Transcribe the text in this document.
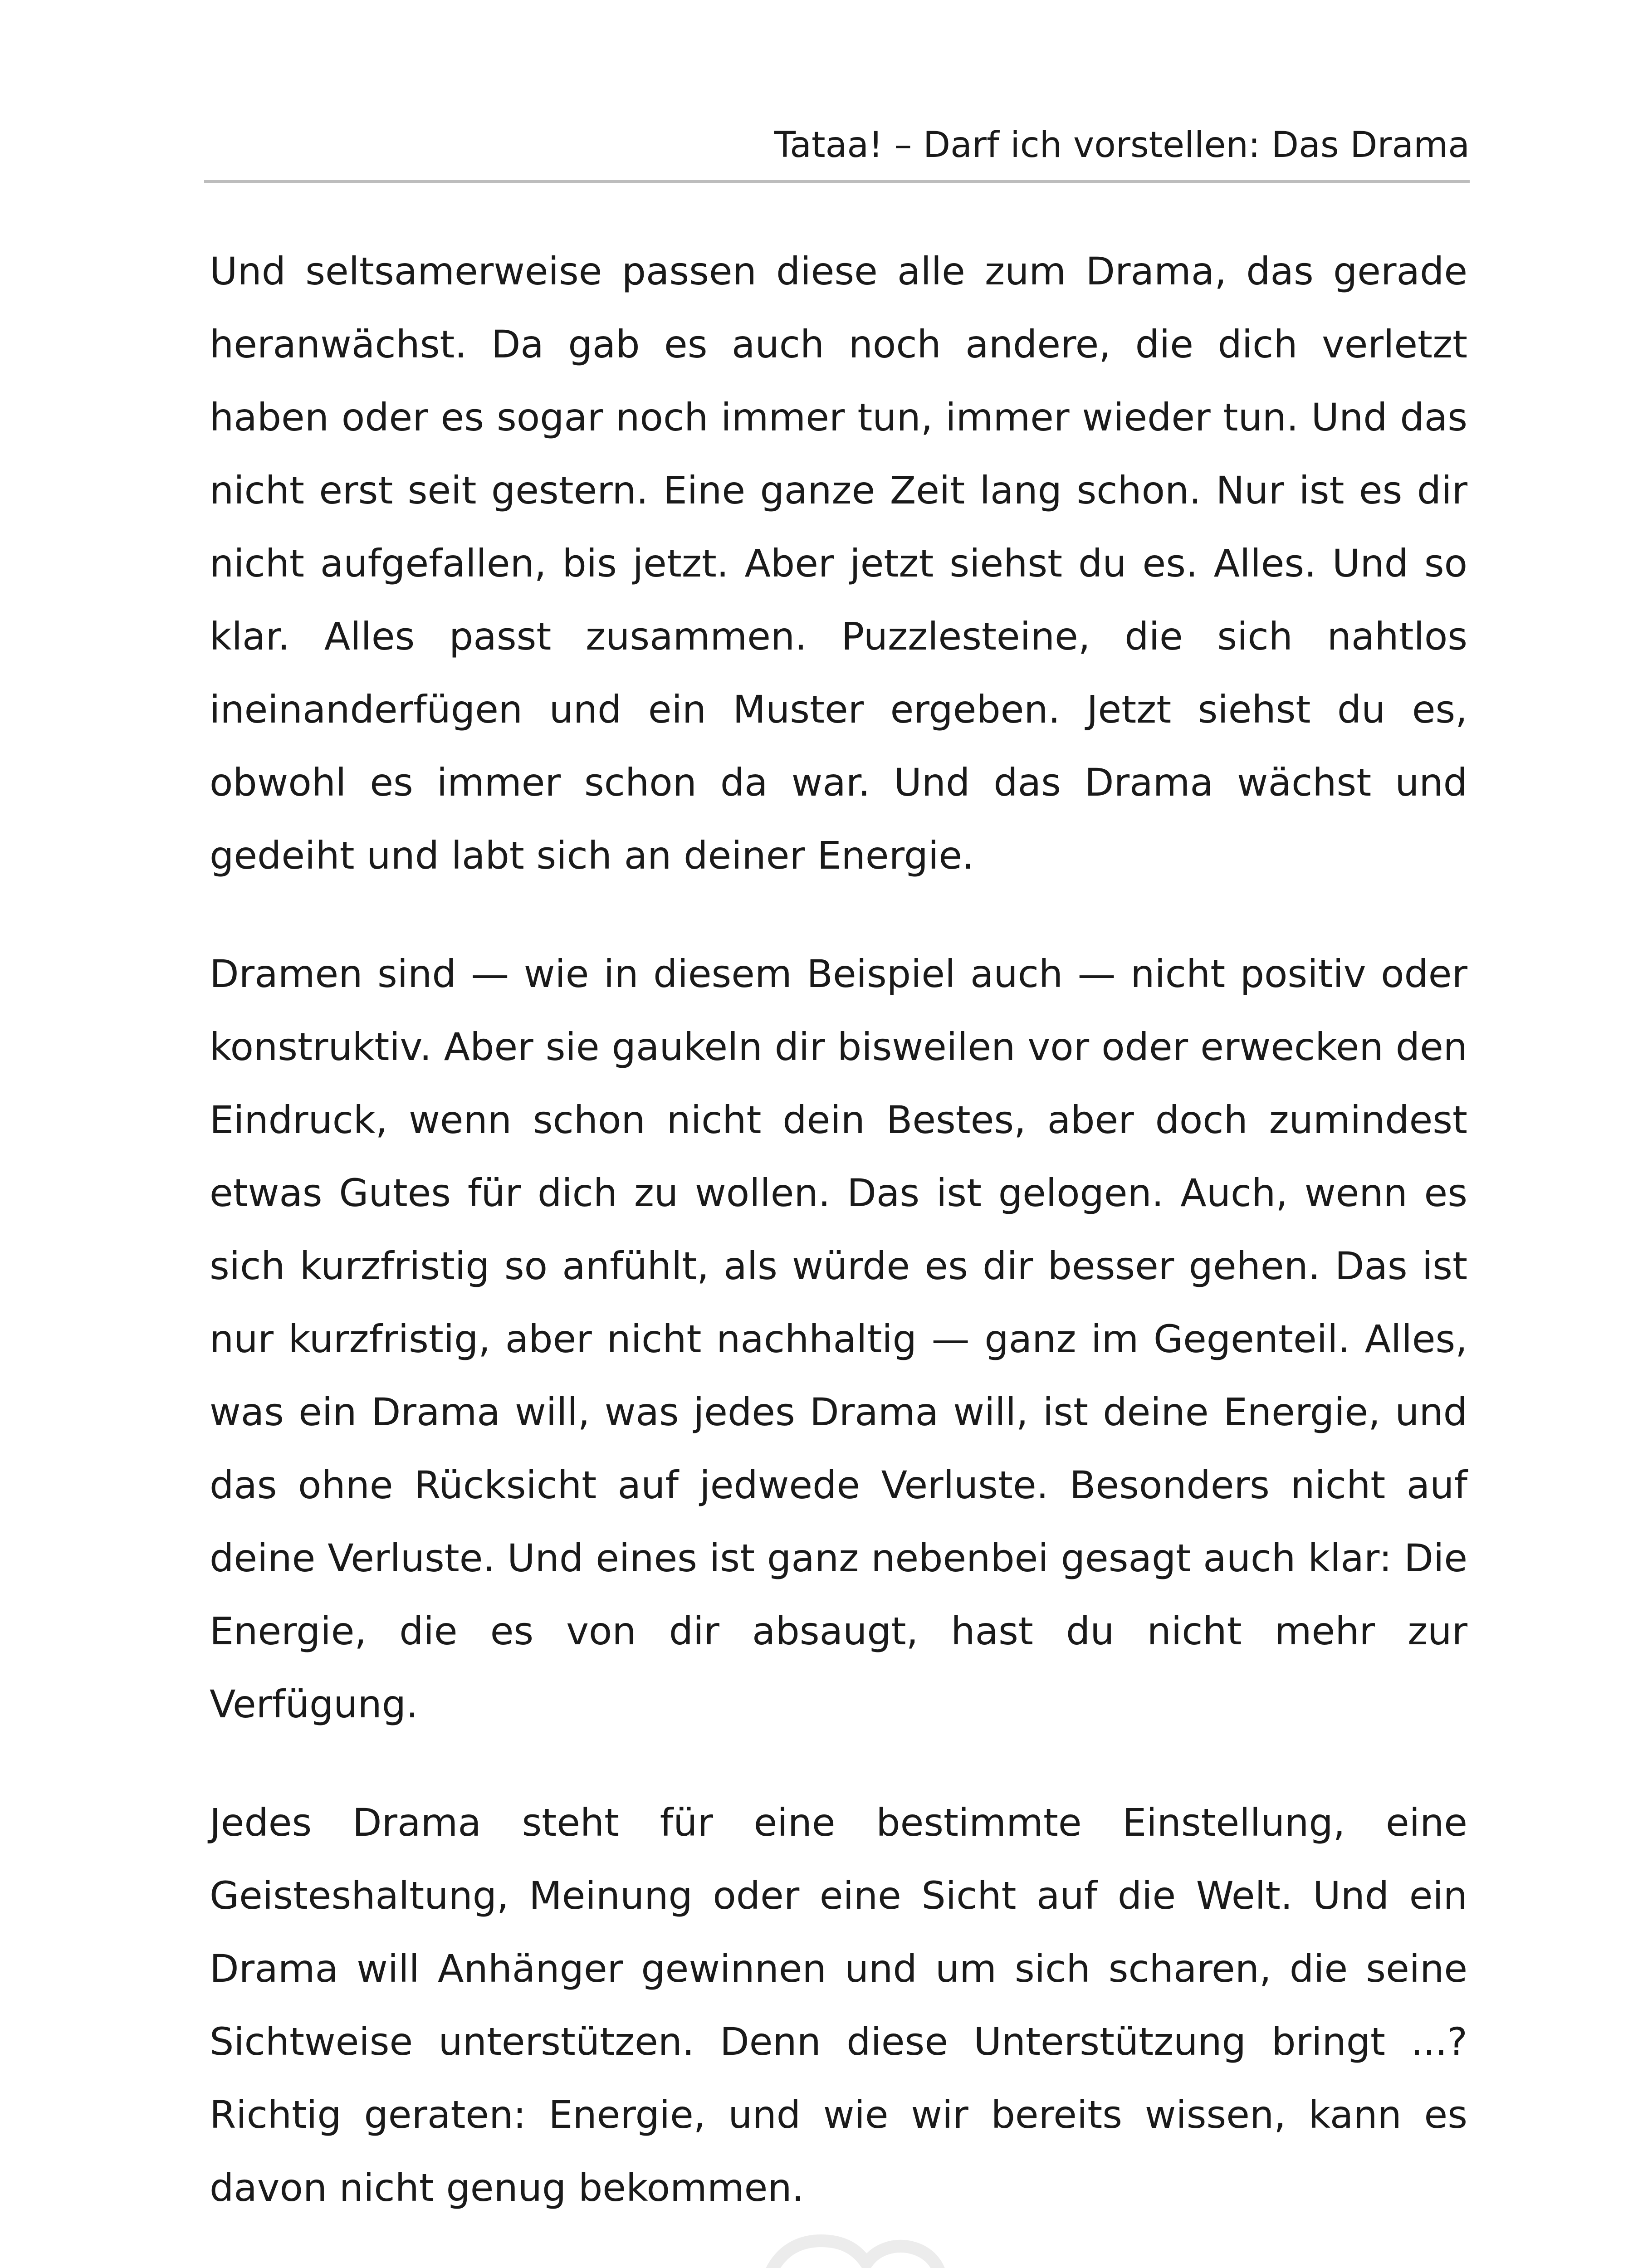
Tataa! – Darf ich vorstellen: Das Drama

Und seltsamerweise passen diese alle zum Drama, das gerade heranwächst. Da gab es auch noch andere, die dich verletzt haben oder es sogar noch immer tun, immer wieder tun. Und das nicht erst seit gestern. Eine ganze Zeit lang schon. Nur ist es dir nicht aufgefallen, bis jetzt. Aber jetzt siehst du es. Alles. Und so klar. Alles passt zusammen. Puzzlesteine, die sich nahtlos ineinanderfügen und ein Muster ergeben. Jetzt siehst du es, obwohl es immer schon da war. Und das Drama wächst und gedeiht und labt sich an deiner Energie.

Dramen sind — wie in diesem Beispiel auch — nicht positiv oder konstruktiv. Aber sie gaukeln dir bisweilen vor oder erwecken den Eindruck, wenn schon nicht dein Bestes, aber doch zumindest etwas Gutes für dich zu wollen. Das ist gelogen. Auch, wenn es sich kurzfristig so anfühlt, als würde es dir besser gehen. Das ist nur kurzfristig, aber nicht nachhaltig — ganz im Gegenteil. Alles, was ein Drama will, was jedes Drama will, ist deine Energie, und das ohne Rücksicht auf jedwede Verluste. Besonders nicht auf deine Verluste. Und eines ist ganz nebenbei gesagt auch klar: Die Energie, die es von dir absaugt, hast du nicht mehr zur Verfügung.

Jedes Drama steht für eine bestimmte Einstellung, eine Geisteshaltung, Meinung oder eine Sicht auf die Welt. Und ein Drama will Anhänger gewinnen und um sich scharen, die seine Sichtweise unterstützen. Denn diese Unterstützung bringt ...? Richtig geraten: Energie, und wie wir bereits wissen, kann es davon nicht genug bekommen.
